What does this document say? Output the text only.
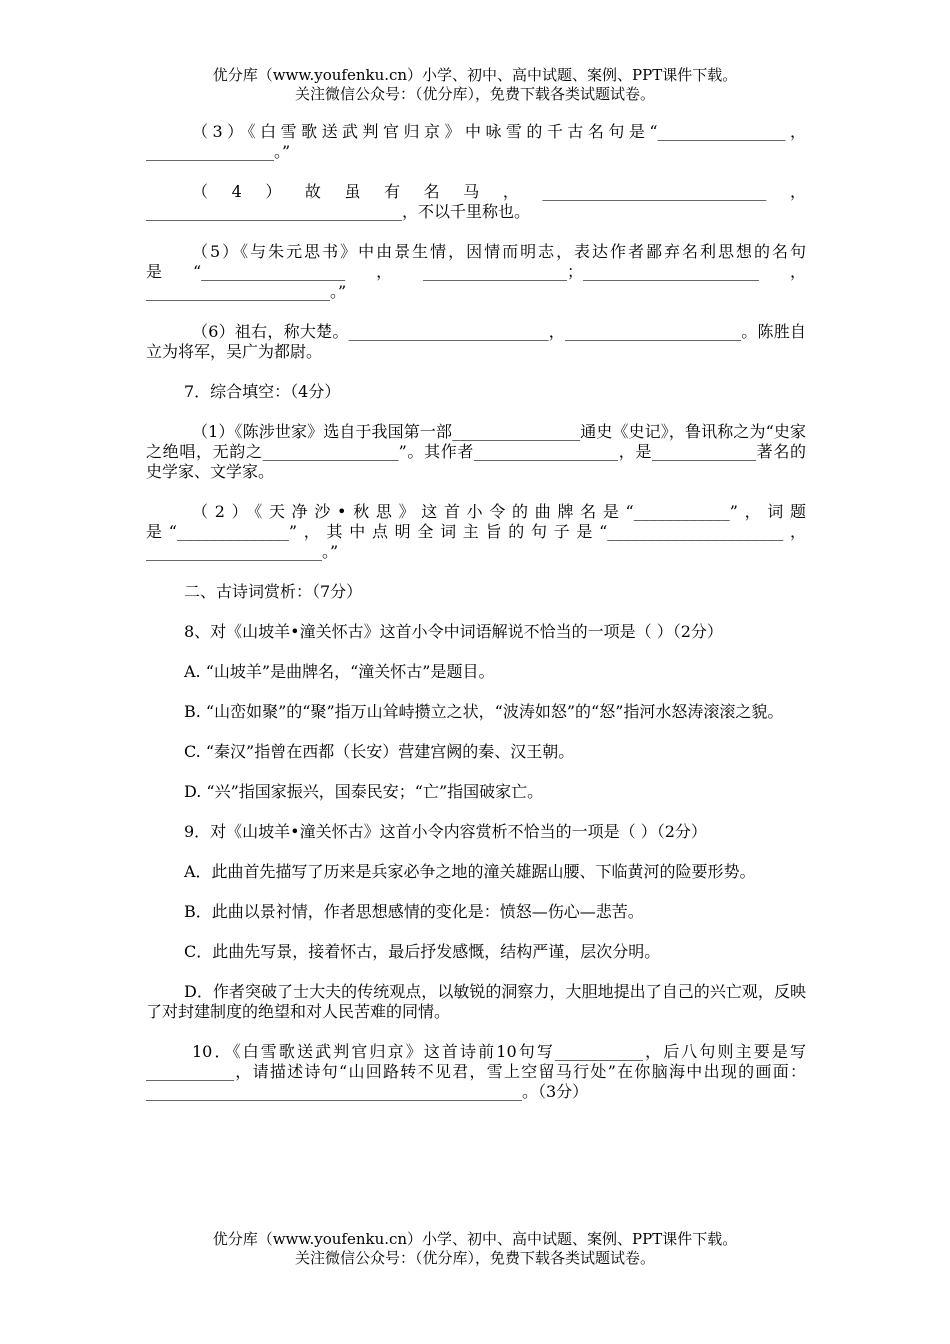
优分库（www.youfenku.cn）小学、初中、高中试题、案例、PPT课件下载。
关注微信公众号：（优分库），免费下载各类试题试卷。

（3）《白雪歌送武判官归京》中咏雪的千古名句是“________________，________________。”

（4）故虽有名马，____________________________，________________________________，不以千里称也。

（5）《与朱元思书》中由景生情，因情而明志，表达作者鄙弃名利思想的名句是“__________________，__________________；______________________，_______________________。”

（6）祖右，称大楚。_________________________，______________________。陈胜自立为将军，吴广为都尉。

7．综合填空：（4分）

（1）《陈涉世家》选自于我国第一部________________通史《史记》，鲁讯称之为“史家之绝唱，无韵之_________________”。其作者__________________，是_____________著名的史学家、文学家。

（2）《天净沙•秋思》这首小令的曲牌名是“____________”，词题是“______________”，其中点明全词主旨的句子是“______________________，______________________。”

二、古诗词赏析：（7分）

8、对《山坡羊•潼关怀古》这首小令中词语解说不恰当的一项是（ ）（2分）

A. “山坡羊”是曲牌名，“潼关怀古”是题目。

B. “山峦如聚”的“聚”指万山耸峙攒立之状，“波涛如怒”的“怒”指河水怒涛滚滚之貌。

C. “秦汉”指曾在西都（长安）营建宫阙的秦、汉王朝。

D. “兴”指国家振兴，国泰民安；“亡”指国破家亡。

9．对《山坡羊•潼关怀古》这首小令内容赏析不恰当的一项是（ ）（2分）

A．此曲首先描写了历来是兵家必争之地的潼关雄踞山腰、下临黄河的险要形势。

B．此曲以景衬情，作者思想感情的变化是：愤怒—伤心—悲苦。

C．此曲先写景，接着怀古，最后抒发感慨，结构严谨，层次分明。

D．作者突破了士大夫的传统观点，以敏锐的洞察力，大胆地提出了自己的兴亡观，反映了对封建制度的绝望和对人民苦难的同情。

10．《白雪歌送武判官归京》这首诗前10句写___________，后八句则主要是写___________，请描述诗句“山回路转不见君，雪上空留马行处”在你脑海中出现的画面：_______________________________________________。（3分）

优分库（www.youfenku.cn）小学、初中、高中试题、案例、PPT课件下载。
关注微信公众号：（优分库），免费下载各类试题试卷。
